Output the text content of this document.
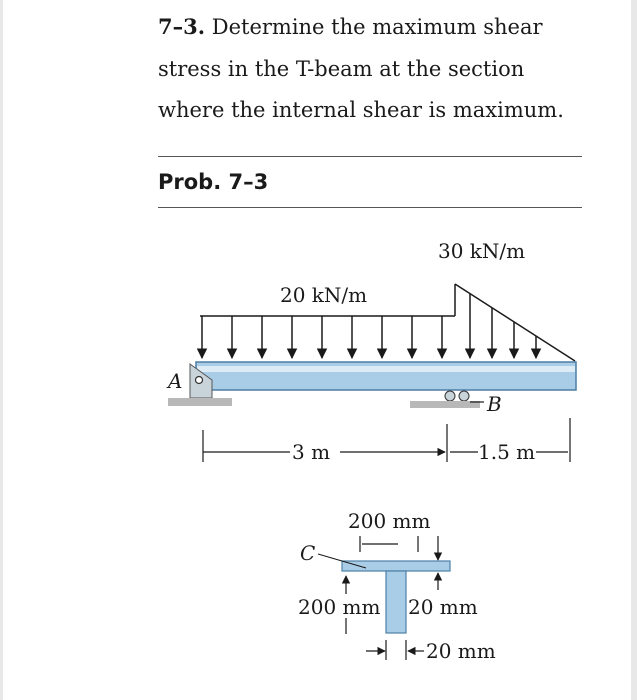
7–3. Determine the maximum shear
stress in the T-beam at the section
where the internal shear is maximum.
Prob. 7–3
20 kN/m
30 kN/m
A
B
3 m	1.5 m
200 mm
C
200 mm 20 mm
20 mm
